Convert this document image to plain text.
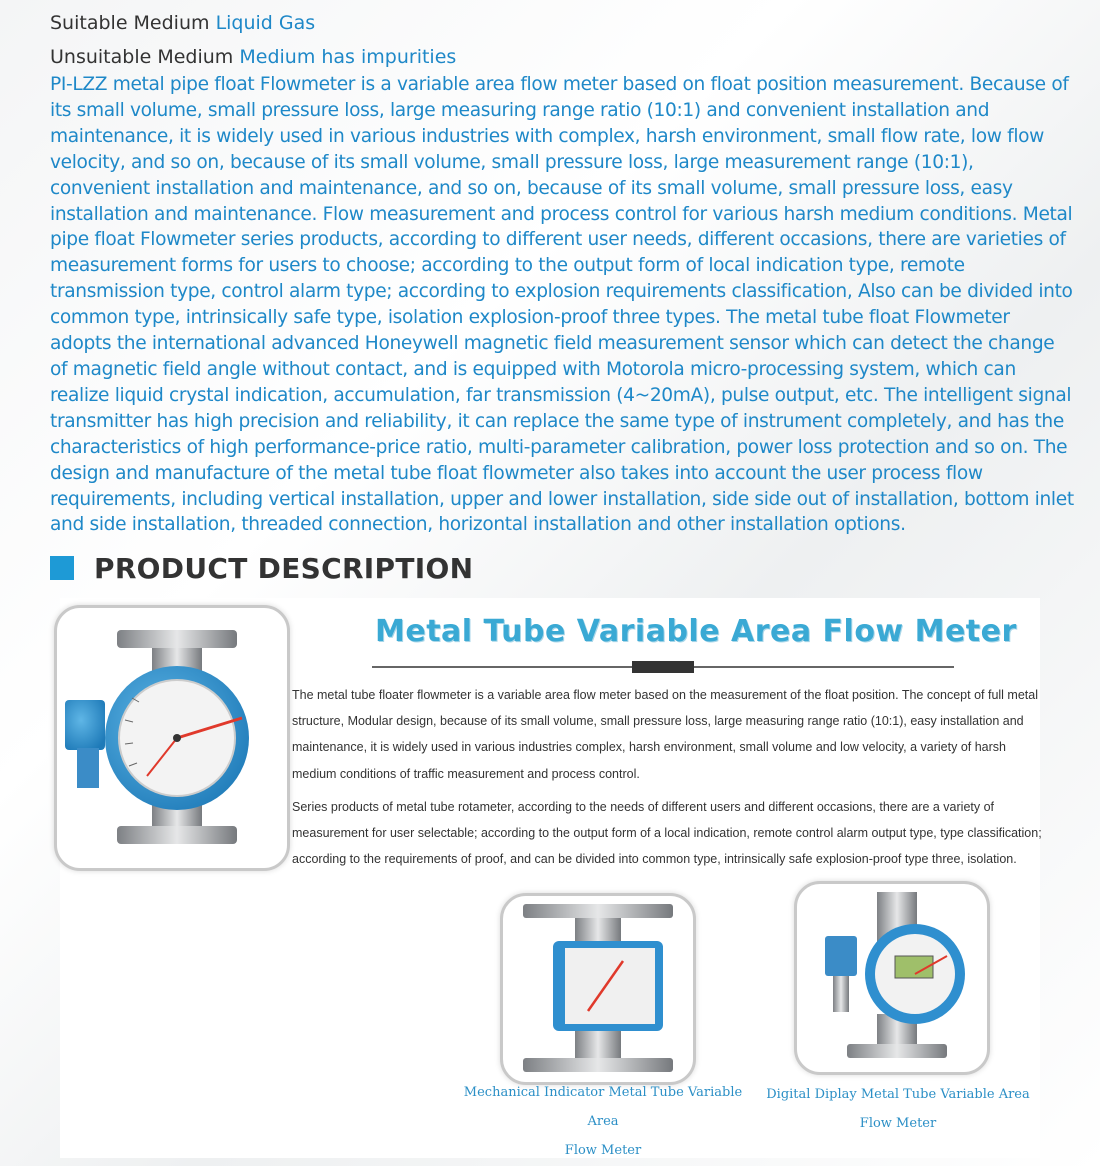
Suitable Medium Liquid Gas
Unsuitable Medium Medium has impurities

PI-LZZ metal pipe float Flowmeter is a variable area flow meter based on float position measurement. Because of its small volume, small pressure loss, large measuring range ratio (10:1) and convenient installation and maintenance, it is widely used in various industries with complex, harsh environment, small flow rate, low flow velocity, and so on, because of its small volume, small pressure loss, large measurement range (10:1), convenient installation and maintenance, and so on, because of its small volume, small pressure loss, easy installation and maintenance. Flow measurement and process control for various harsh medium conditions. Metal pipe float Flowmeter series products, according to different user needs, different occasions, there are varieties of measurement forms for users to choose; according to the output form of local indication type, remote transmission type, control alarm type; according to explosion requirements classification, Also can be divided into common type, intrinsically safe type, isolation explosion-proof three types. The metal tube float Flowmeter adopts the international advanced Honeywell magnetic field measurement sensor which can detect the change of magnetic field angle without contact, and is equipped with Motorola micro-processing system, which can realize liquid crystal indication, accumulation, far transmission (4~20mA), pulse output, etc. The intelligent signal transmitter has high precision and reliability, it can replace the same type of instrument completely, and has the characteristics of high performance-price ratio, multi-parameter calibration, power loss protection and so on. The design and manufacture of the metal tube float flowmeter also takes into account the user process flow requirements, including vertical installation, upper and lower installation, side side out of installation, bottom inlet and side installation, threaded connection, horizontal installation and other installation options.

PRODUCT DESCRIPTION
Metal Tube Variable Area Flow Meter

The metal tube floater flowmeter is a variable area flow meter based on the measurement of the float position. The concept of full metal structure, Modular design, because of its small volume, small pressure loss, large measuring range ratio (10:1), easy installation and maintenance, it is widely used in various industries complex, harsh environment, small volume and low velocity, a variety of harsh medium conditions of traffic measurement and process control.

Series products of metal tube rotameter, according to the needs of different users and different occasions, there are a variety of measurement for user selectable; according to the output form of a local indication, remote control alarm output type, type classification; according to the requirements of proof, and can be divided into common type, intrinsically safe explosion-proof type three, isolation.

Mechanical Indicator Metal Tube Variable Area
Flow Meter
Digital Diplay Metal Tube Variable Area
Flow Meter
